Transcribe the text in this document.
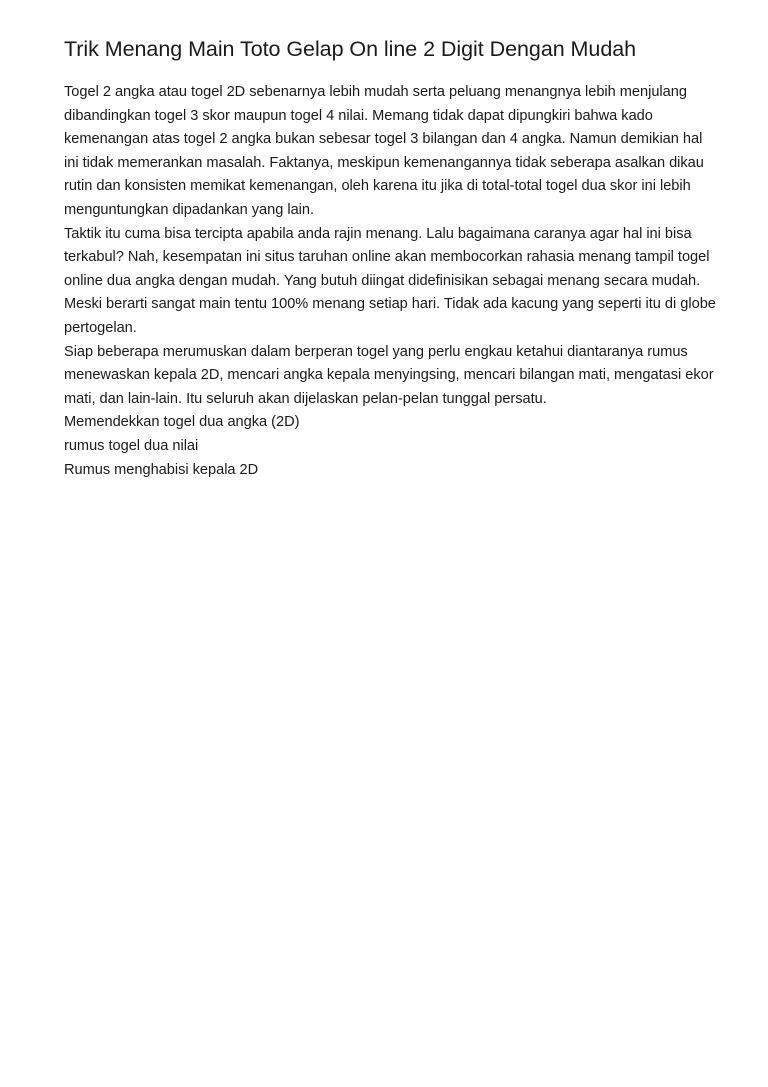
Trik Menang Main Toto Gelap On line 2 Digit Dengan Mudah

Togel 2 angka atau togel 2D sebenarnya lebih mudah serta peluang menangnya lebih menjulang dibandingkan togel 3 skor maupun togel 4 nilai. Memang tidak dapat dipungkiri bahwa kado kemenangan atas togel 2 angka bukan sebesar togel 3 bilangan dan 4 angka. Namun demikian hal ini tidak memerankan masalah. Faktanya, meskipun kemenangannya tidak seberapa asalkan dikau rutin dan konsisten memikat kemenangan, oleh karena itu jika di total-total togel dua skor ini lebih menguntungkan dipadankan yang lain.

Taktik itu cuma bisa tercipta apabila anda rajin menang. Lalu bagaimana caranya agar hal ini bisa terkabul? Nah, kesempatan ini situs taruhan online akan membocorkan rahasia menang tampil togel online dua angka dengan mudah. Yang butuh diingat didefinisikan sebagai menang secara mudah. Meski berarti sangat main tentu 100% menang setiap hari. Tidak ada kacung yang seperti itu di globe pertogelan.

Siap beberapa merumuskan dalam berperan togel yang perlu engkau ketahui diantaranya rumus menewaskan kepala 2D, mencari angka kepala menyingsing, mencari bilangan mati, mengatasi ekor mati, dan lain-lain. Itu seluruh akan dijelaskan pelan-pelan tunggal persatu.

Memendekkan togel dua angka (2D)

rumus togel dua nilai

Rumus menghabisi kepala 2D
